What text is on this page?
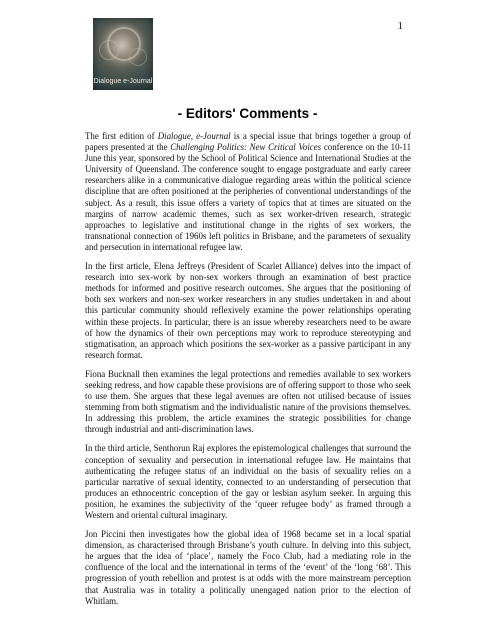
1
Dialogue e-Journal
- Editors' Comments -

The first edition of Dialogue, e-Journal is a special issue that brings together a group of papers presented at the Challenging Politics: New Critical Voices conference on the 10-11 June this year, sponsored by the School of Political Science and International Studies at the University of Queensland. The conference sought to engage postgraduate and early career researchers alike in a communicative dialogue regarding areas within the political science discipline that are often positioned at the peripheries of conventional understandings of the subject. As a result, this issue offers a variety of topics that at times are situated on the margins of narrow academic themes, such as sex worker-driven research, strategic approaches to legislative and institutional change in the rights of sex workers, the transnational connection of 1960s left politics in Brisbane, and the parameters of sexuality and persecution in international refugee law.

In the first article, Elena Jeffreys (President of Scarlet Alliance) delves into the impact of research into sex-work by non-sex workers through an examination of best practice methods for informed and positive research outcomes. She argues that the positioning of both sex workers and non-sex worker researchers in any studies undertaken in and about this particular community should reflexively examine the power relationships operating within these projects. In particular, there is an issue whereby researchers need to be aware of how the dynamics of their own perceptions may work to reproduce stereotyping and stigmatisation, an approach which positions the sex-worker as a passive participant in any research format.

Fiona Bucknall then examines the legal protections and remedies available to sex workers seeking redress, and how capable these provisions are of offering support to those who seek to use them. She argues that these legal avenues are often not utilised because of issues stemming from both stigmatism and the individualistic nature of the provisions themselves. In addressing this problem, the article examines the strategic possibilities for change through industrial and anti-discrimination laws.

In the third article, Senthorun Raj explores the epistemological challenges that surround the conception of sexuality and persecution in international refugee law. He maintains that authenticating the refugee status of an individual on the basis of sexuality relies on a particular narrative of sexual identity, connected to an understanding of persecution that produces an ethnocentric conception of the gay or lesbian asylum seeker. In arguing this position, he examines the subjectivity of the ‘queer refugee body’ as framed through a Western and oriental cultural imaginary.

Jon Piccini then investigates how the global idea of 1968 became set in a local spatial dimension, as characterised through Brisbane’s youth culture. In delving into this subject, he argues that the idea of ‘place’, namely the Foco Club, had a mediating role in the confluence of the local and the international in terms of the ‘event’ of the ‘long ‘68’. This progression of youth rebellion and protest is at odds with the more mainstream perception that Australia was in totality a politically unengaged nation prior to the election of Whitlam.
